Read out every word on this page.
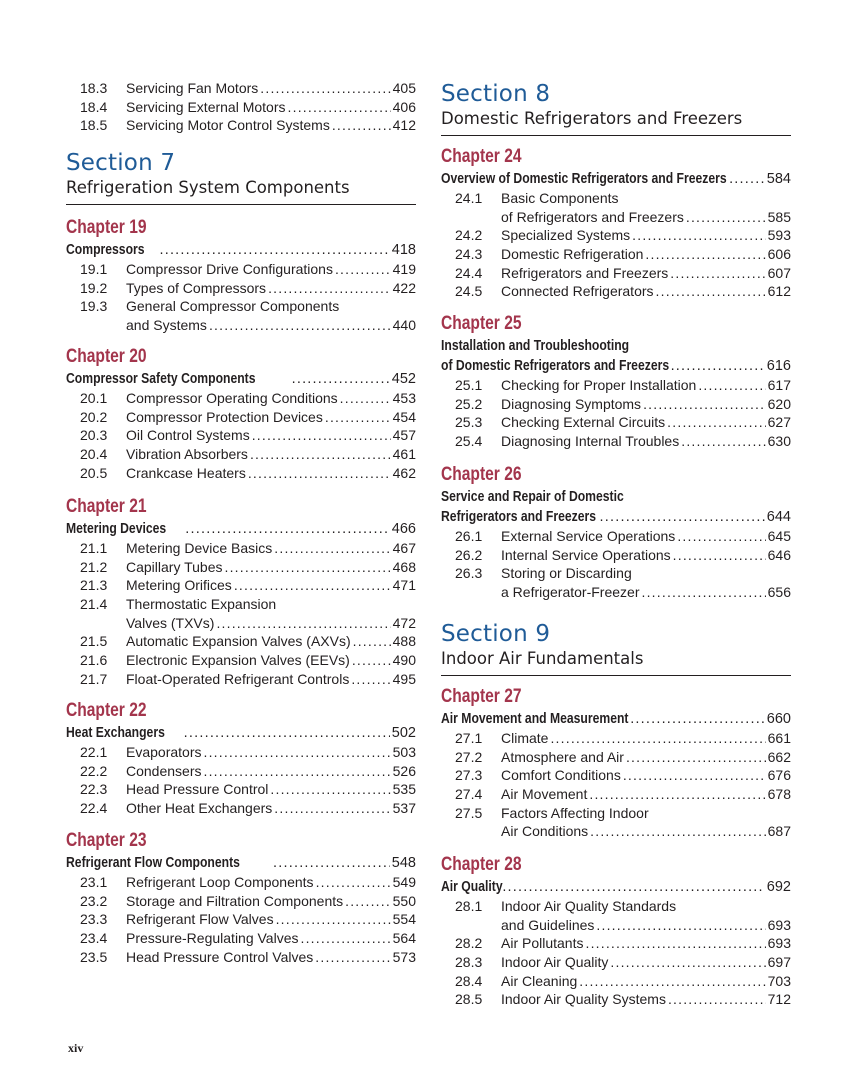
18.3 Servicing Fan Motors .....	405
18.4 Servicing External Motors .....	406
18.5 Servicing Motor Control Systems .....	412
Section 7
Refrigeration System Components
Chapter 19
Compressors .....	418
19.1 Compressor Drive Configurations .....	419
19.2 Types of Compressors .....	422
19.3 General Compressor Components
and Systems .....	440
Chapter 20
Compressor Safety Components .....	452
20.1 Compressor Operating Conditions .....	453
20.2 Compressor Protection Devices .....	454
20.3 Oil Control Systems .....	457
20.4 Vibration Absorbers .....	461
20.5 Crankcase Heaters .....	462
Chapter 21
Metering Devices .....	466
21.1 Metering Device Basics .....	467
21.2 Capillary Tubes .....	468
21.3 Metering Orifices .....	471
21.4 Thermostatic Expansion
Valves (TXVs) .....	472
21.5 Automatic Expansion Valves (AXVs) .....	488
21.6 Electronic Expansion Valves (EEVs) .....	490
21.7 Float-Operated Refrigerant Controls .....	495
Chapter 22
Heat Exchangers .....	502
22.1 Evaporators .....	503
22.2 Condensers .....	526
22.3 Head Pressure Control .....	535
22.4 Other Heat Exchangers .....	537
Chapter 23
Refrigerant Flow Components .....	548
23.1 Refrigerant Loop Components .....	549
23.2 Storage and Filtration Components .....	550
23.3 Refrigerant Flow Valves .....	554
23.4 Pressure-Regulating Valves .....	564
23.5 Head Pressure Control Valves .....	573
Section 8
Domestic Refrigerators and Freezers
Chapter 24
Overview of Domestic Refrigerators and Freezers .....	584
24.1 Basic Components
of Refrigerators and Freezers .....	585
24.2 Specialized Systems .....	593
24.3 Domestic Refrigeration .....	606
24.4 Refrigerators and Freezers .....	607
24.5 Connected Refrigerators .....	612
Chapter 25
Installation and Troubleshooting
of Domestic Refrigerators and Freezers .....	616
25.1 Checking for Proper Installation .....	617
25.2 Diagnosing Symptoms .....	620
25.3 Checking External Circuits .....	627
25.4 Diagnosing Internal Troubles .....	630
Chapter 26
Service and Repair of Domestic
Refrigerators and Freezers .....	644
26.1 External Service Operations .....	645
26.2 Internal Service Operations .....	646
26.3 Storing or Discarding
a Refrigerator-Freezer .....	656
Section 9
Indoor Air Fundamentals
Chapter 27
Air Movement and Measurement .....	660
27.1 Climate .....	661
27.2 Atmosphere and Air .....	662
27.3 Comfort Conditions .....	676
27.4 Air Movement .....	678
27.5 Factors Affecting Indoor
Air Conditions .....	687
Chapter 28
Air Quality .....	692
28.1 Indoor Air Quality Standards
and Guidelines .....	693
28.2 Air Pollutants .....	693
28.3 Indoor Air Quality .....	697
28.4 Air Cleaning .....	703
28.5 Indoor Air Quality Systems .....	712
xiv
